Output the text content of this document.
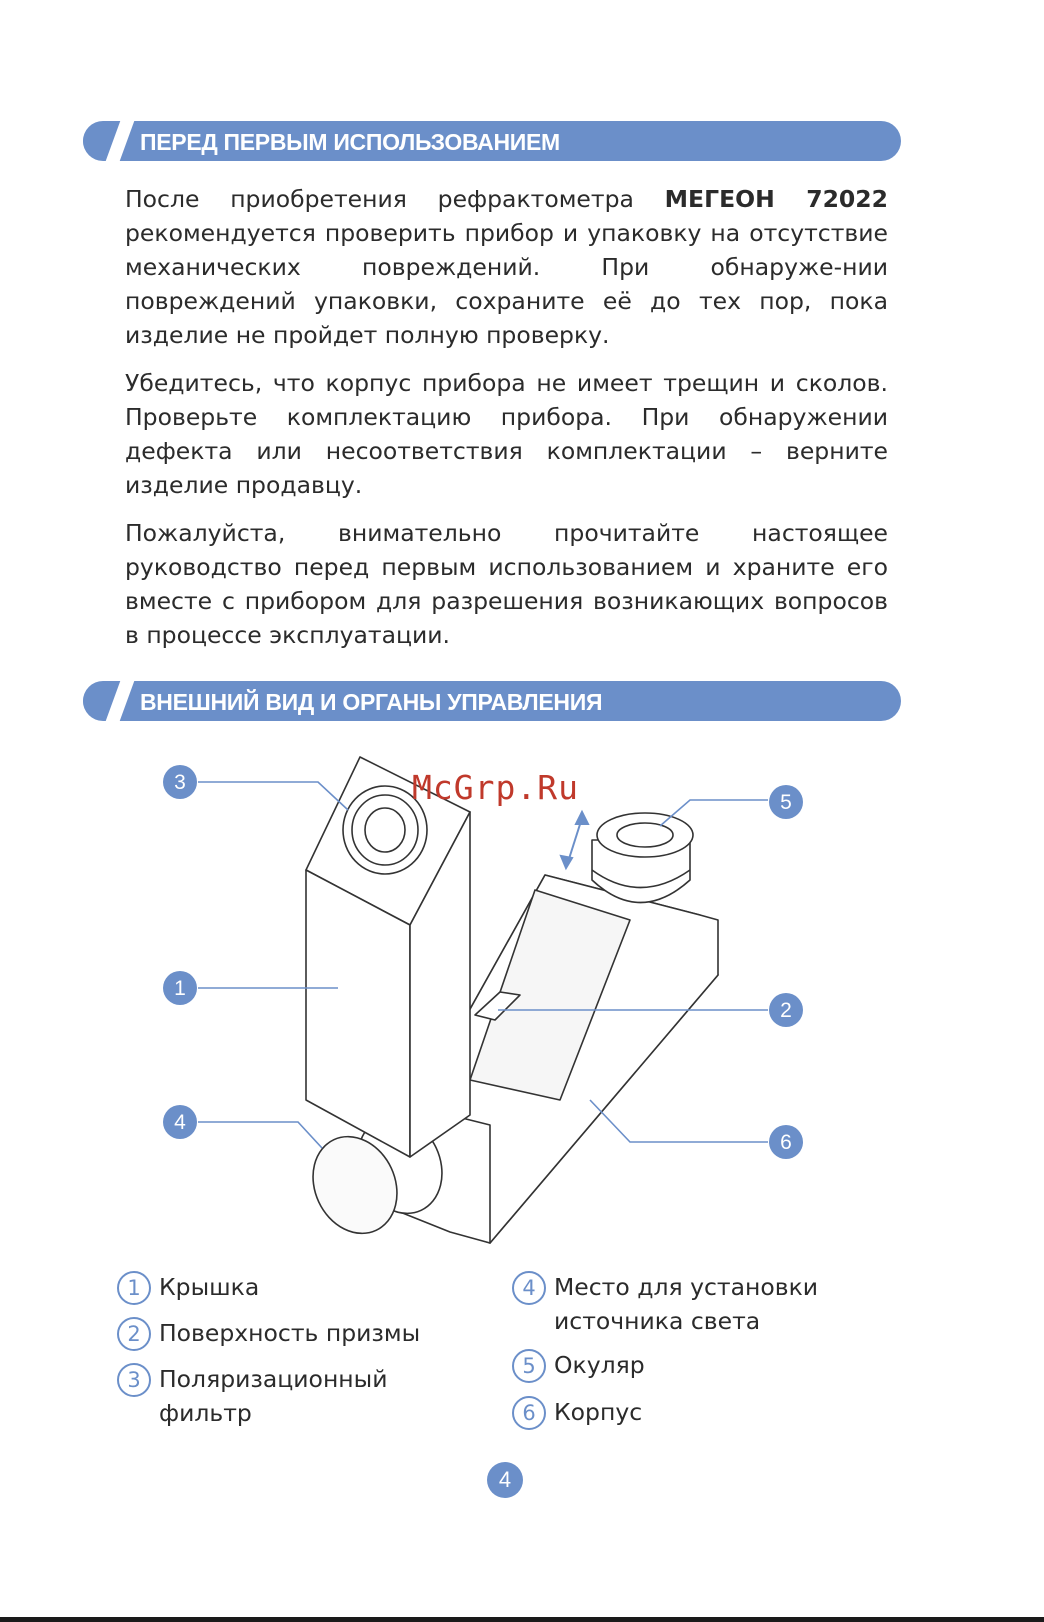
ПЕРЕД ПЕРВЫМ ИСПОЛЬЗОВАНИЕМ

После приобретения рефрактометра МЕГЕОН 72022 рекомендуется проверить прибор и упаковку на отсутствие механических повреждений. При обнаруже-нии повреждений упаковки, сохраните её до тех пор, пока изделие не пройдет полную проверку.

Убедитесь, что корпус прибора не имеет трещин и сколов. Проверьте комплектацию прибора. При обнаружении дефекта или несоответствия комплектации – верните изделие продавцу.

Пожалуйста, внимательно прочитайте настоящее руководство перед первым использованием и храните его вместе с прибором для разрешения возникающих вопросов в процессе эксплуатации.

ВНЕШНИЙ ВИД И ОРГАНЫ УПРАВЛЕНИЯ
3
5
1
2
4
6
McGrp.Ru
1 Крышка
2 Поверхность призмы
3 Поляризационный
фильтр
4 Место для установки
источника света
5 Окуляр
6 Корпус
4
